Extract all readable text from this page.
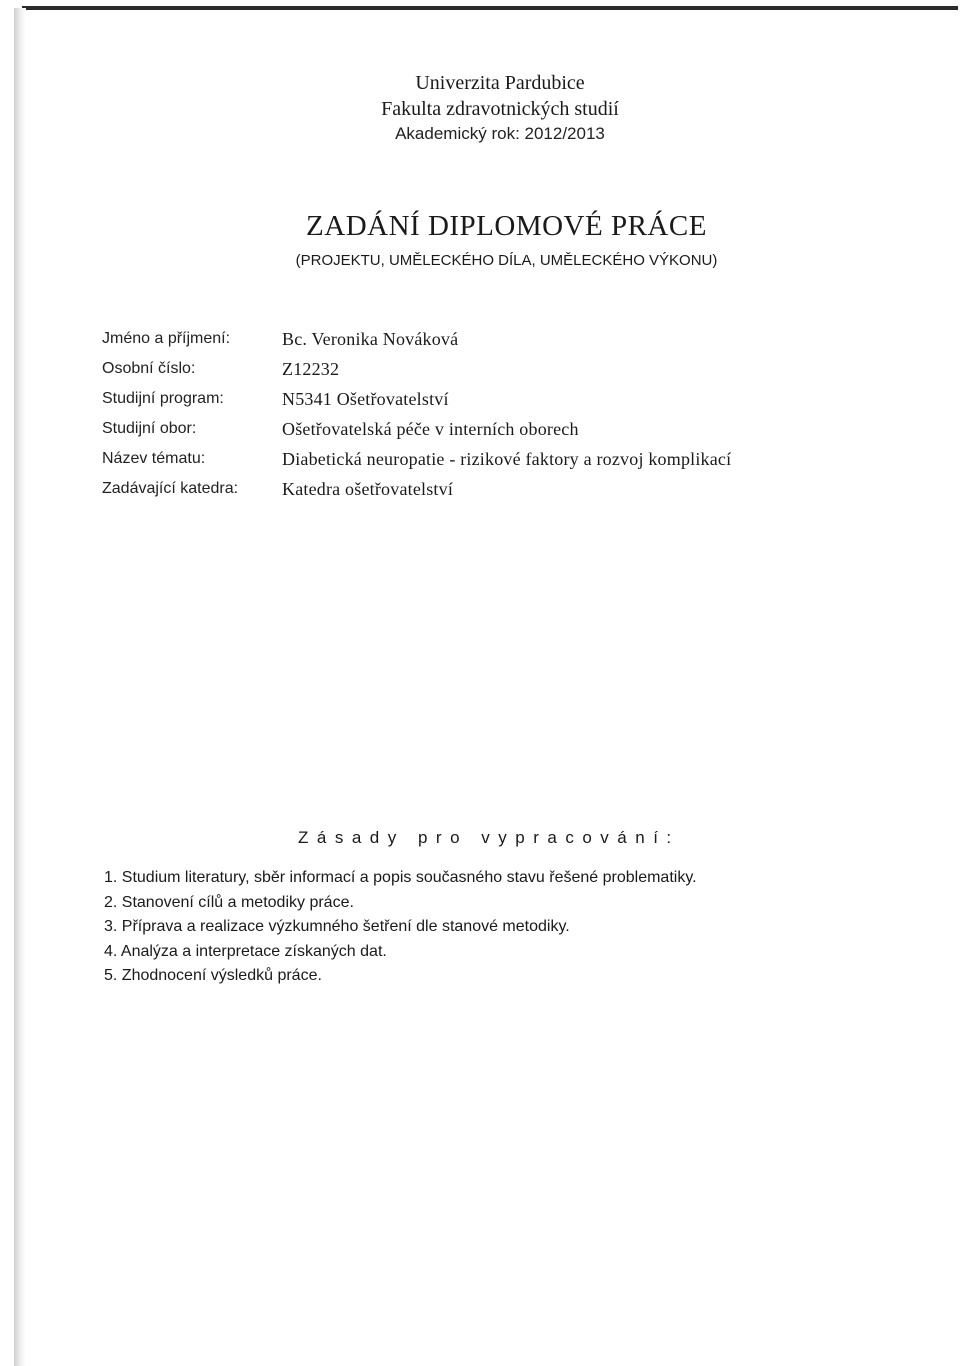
Univerzita Pardubice
Fakulta zdravotnických studií
Akademický rok: 2012/2013
ZADÁNÍ DIPLOMOVÉ PRÁCE
(PROJEKTU, UMĚLECKÉHO DÍLA, UMĚLECKÉHO VÝKONU)
Jméno a příjmení:	Bc. Veronika Nováková
Osobní číslo:	Z12232
Studijní program:	N5341 Ošetřovatelství
Studijní obor:	Ošetřovatelská péče v interních oborech
Název tématu:	Diabetická neuropatie - rizikové faktory a rozvoj komplikací
Zadávající katedra:	Katedra ošetřovatelství
Zásady pro vypracování:
1. Studium literatury, sběr informací a popis současného stavu řešené problematiky.
2. Stanovení cílů a metodiky práce.
3. Příprava a realizace výzkumného šetření dle stanové metodiky.
4. Analýza a interpretace získaných dat.
5. Zhodnocení výsledků práce.
